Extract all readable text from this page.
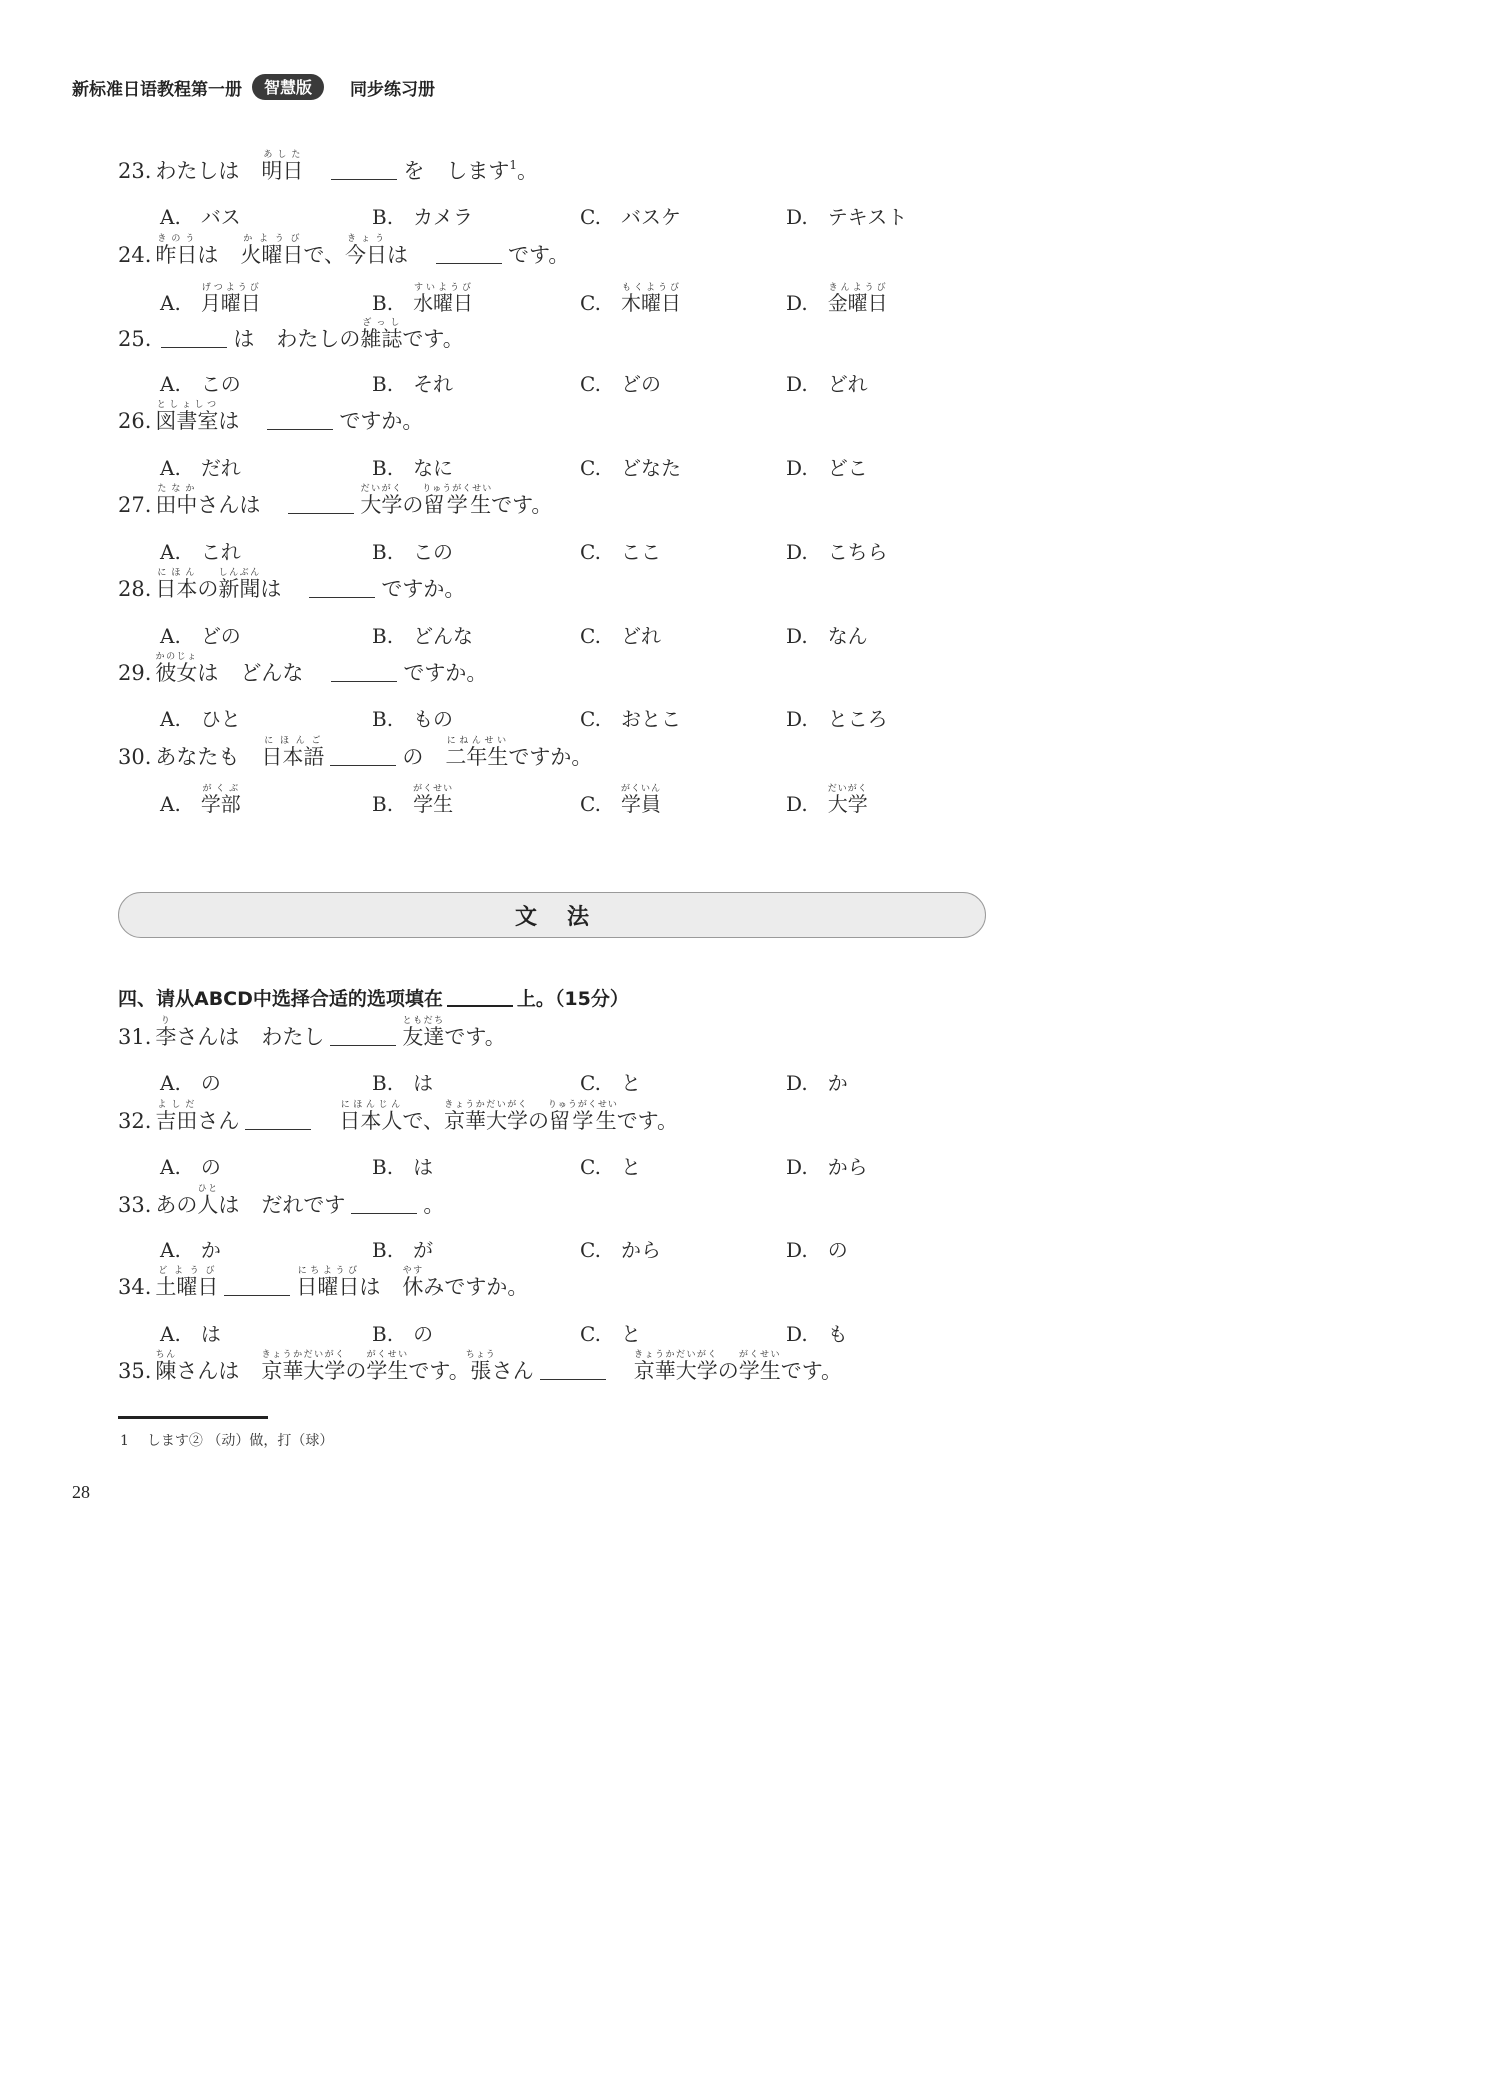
新标准日语教程第一册	智慧版	同步练习册
23. わたしは 明日あしたを します$^1$。
A. バス	B. カメラ	C. バスケ	D. テキスト
24. 昨日きのうは 火曜日かようびで、今日きょうは	です。
A. 月曜日げつようび
B. 水曜日すいようび
C. 木曜日もくようび
D. 金曜日きんようび
25.	は わたしの雑誌ざっしです。
A. この	B. それ	C. どの	D. どれ
26. 図書室としょしつは	ですか。
A. だれ	B. なに	C. どなた	D. どこ
27. 田中たなかさんは	大学だいがくの留学生りゅうがくせいです。
A. これ	B. この	C. ここ	D. こちら
28. 日本にほんの新聞しんぶんは	ですか。
A. どの	B. どんな	C. どれ	D. なん
29. 彼女かのじょは どんな	ですか。
A. ひと	B. もの	C. おとこ	D. ところ
30. あなたも 日本語にほんごの 二年生にねんせいですか。
A. 学部がくぶ
B. 学生がくせい
C. 学員がくいん
D. 大学だいがく
文法
四、请从ABCD中选择合适的选项填在	上。（15分）
31. 李りさんは わたし	友達ともだちです。
A. の	B. は	C. と	D. か
32. 吉田よしださん	日本人にほんじんで、京華大学きょうかだいがくの留学生りゅうがくせいです。
A. の	B. は	C. と	D. から
33. あの人ひとは だれです	。
A. か	B. が	C. から	D. の
34. 土曜日どようび日曜日にちようびは 休やすみですか。
A. は	B. の	C. と	D. も
35. 陳ちんさんは 京華大学きょうかだいがくの学生がくせいです。張ちょうさん	京華大学きょうかだいがくの学生がくせいです。
1 します② （动）做，打（球）
28
